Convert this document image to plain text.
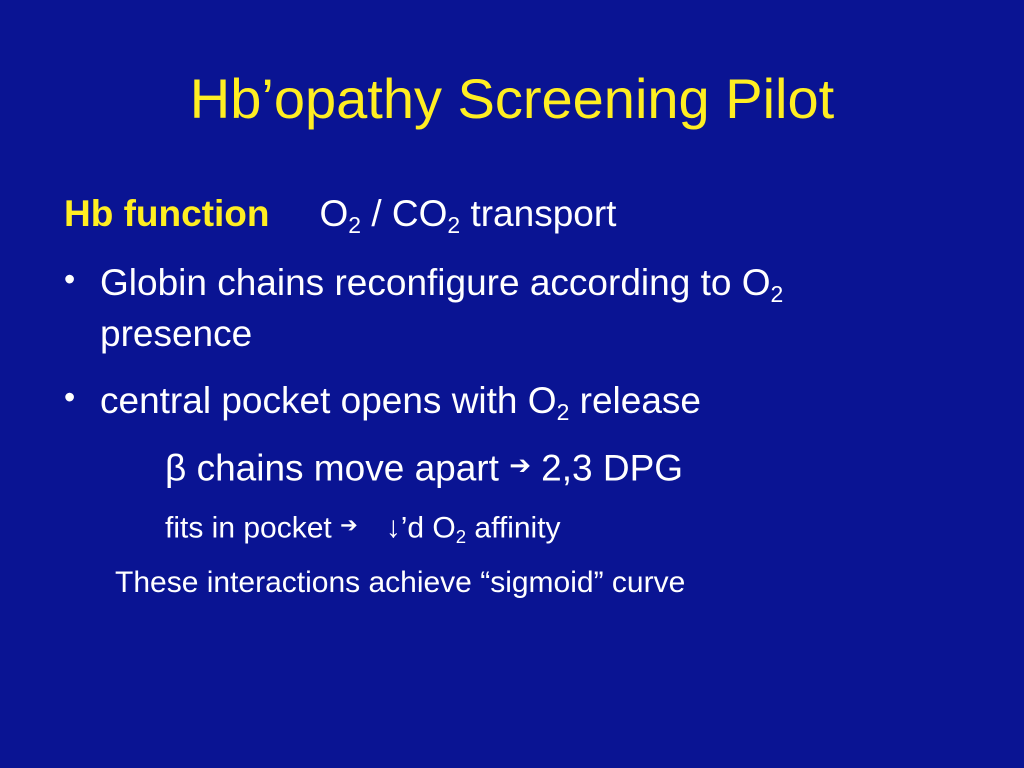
Hb’opathy Screening Pilot
Hb function $O_2 / CO_2$ transport
• Globin chains reconfigure according to $O_2$
presence
• central pocket opens with $O_2$ release
β chains move apart ➔ 2,3 DPG
fits in pocket ➔ ↓’d $O_2$ affinity
These interactions achieve “sigmoid” curve
